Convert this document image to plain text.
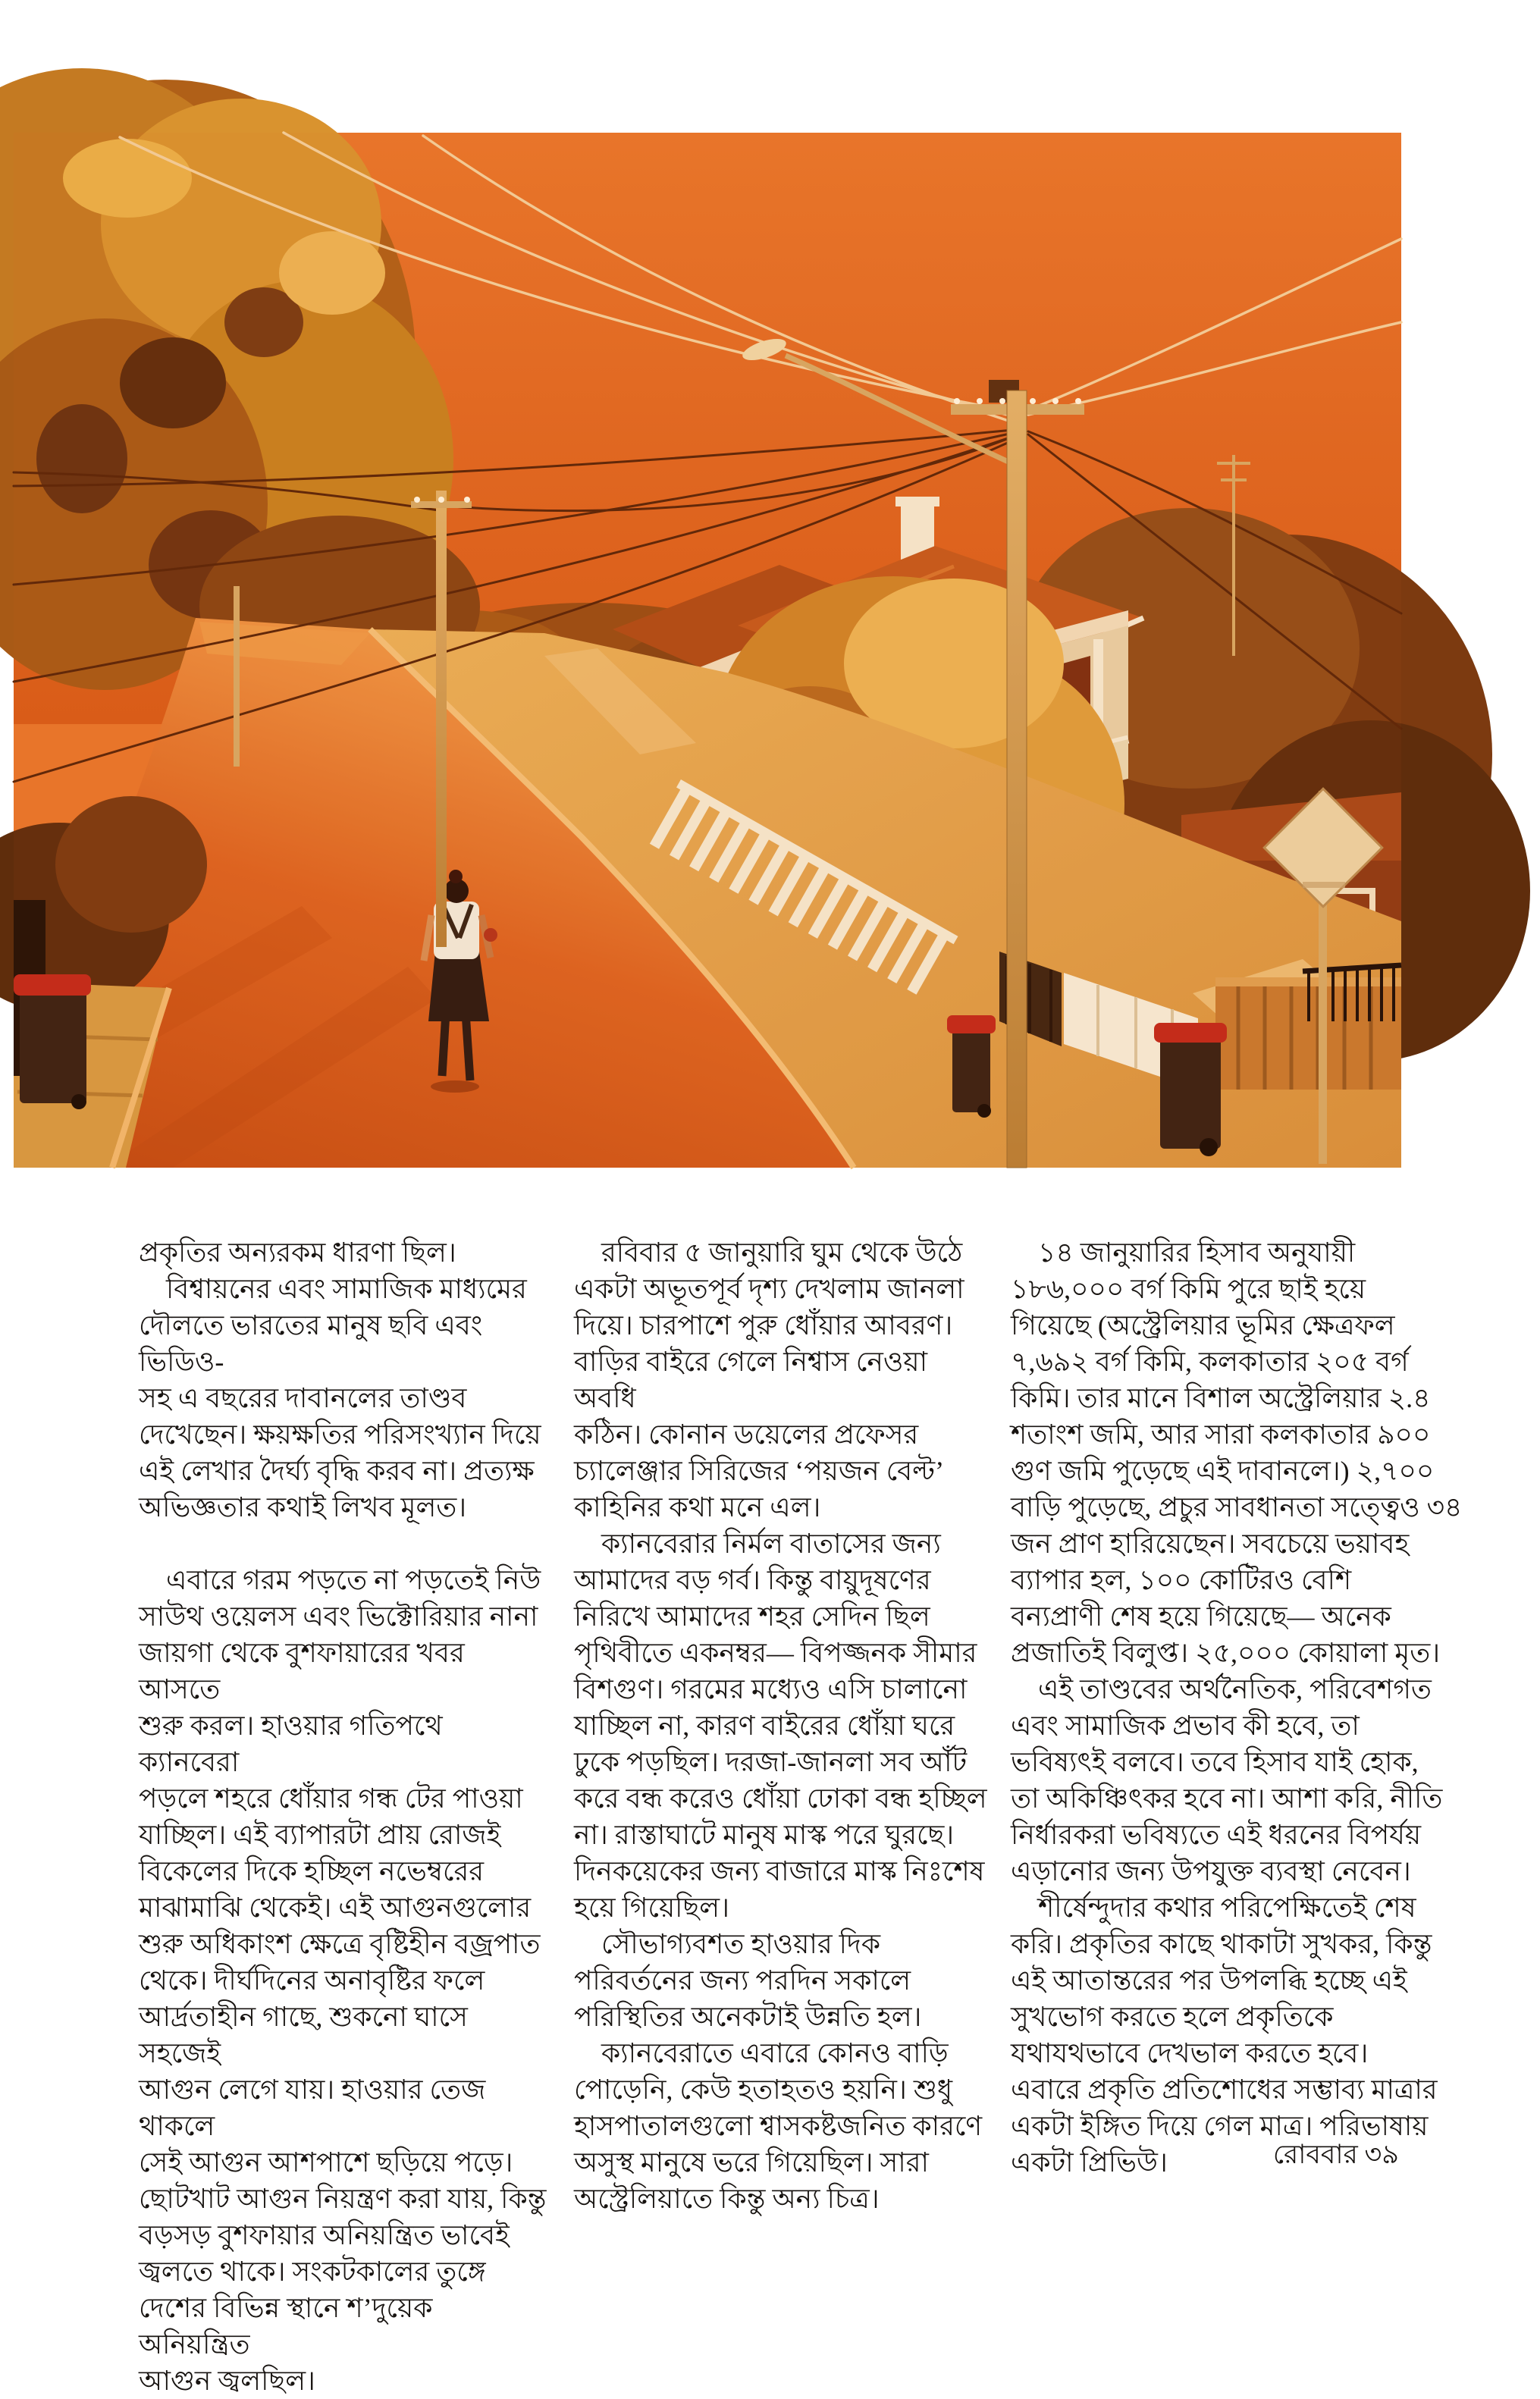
প্রকৃতির অন্যরকম ধারণা ছিল।
 বিশ্বায়নের এবং সামাজিক মাধ্যমের
দৌলতে ভারতের মানুষ ছবি এবং ভিডিও-
সহ এ বছরের দাবানলের তাণ্ডব
দেখেছেন। ক্ষয়ক্ষতির পরিসংখ্যান দিয়ে
এই লেখার দৈর্ঘ্য বৃদ্ধি করব না। প্রত্যক্ষ
অভিজ্ঞতার কথাই লিখব মূলত।
 এবারে গরম পড়তে না পড়তেই নিউ
সাউথ ওয়েলস এবং ভিক্টোরিয়ার নানা
জায়গা থেকে বুশফায়ারের খবর আসতে
শুরু করল। হাওয়ার গতিপথে ক্যানবেরা
পড়লে শহরে ধোঁয়ার গন্ধ টের পাওয়া
যাচ্ছিল। এই ব্যাপারটা প্রায় রোজই
বিকেলের দিকে হচ্ছিল নভেম্বরের
মাঝামাঝি থেকেই। এই আগুনগুলোর
শুরু অধিকাংশ ক্ষেত্রে বৃষ্টিহীন বজ্রপাত
থেকে। দীর্ঘদিনের অনাবৃষ্টির ফলে
আর্দ্রতাহীন গাছে, শুকনো ঘাসে সহজেই
আগুন লেগে যায়। হাওয়ার তেজ থাকলে
সেই আগুন আশপাশে ছড়িয়ে পড়ে।
ছোটখাট আগুন নিয়ন্ত্রণ করা যায়, কিন্তু
বড়সড় বুশফায়ার অনিয়ন্ত্রিত ভাবেই
জ্বলতে থাকে। সংকটকালের তুঙ্গে
দেশের বিভিন্ন স্থানে শ’দুয়েক অনিয়ন্ত্রিত
আগুন জ্বলছিল।
 রবিবার ৫ জানুয়ারি ঘুম থেকে উঠে
একটা অভূতপূর্ব দৃশ্য দেখলাম জানলা
দিয়ে। চারপাশে পুরু ধোঁয়ার আবরণ।
বাড়ির বাইরে গেলে নিশ্বাস নেওয়া অবধি
কঠিন। কোনান ডয়েলের প্রফেসর
চ্যালেঞ্জার সিরিজের ‘পয়জন বেল্ট’
কাহিনির কথা মনে এল।
 ক্যানবেরার নির্মল বাতাসের জন্য
আমাদের বড় গর্ব। কিন্তু বায়ুদূষণের
নিরিখে আমাদের শহর সেদিন ছিল
পৃথিবীতে একনম্বর— বিপজ্জনক সীমার
বিশগুণ। গরমের মধ্যেও এসি চালানো
যাচ্ছিল না, কারণ বাইরের ধোঁয়া ঘরে
ঢুকে পড়ছিল। দরজা-জানলা সব আঁট
করে বন্ধ করেও ধোঁয়া ঢোকা বন্ধ হচ্ছিল
না। রাস্তাঘাটে মানুষ মাস্ক পরে ঘুরছে।
দিনকয়েকের জন্য বাজারে মাস্ক নিঃশেষ
হয়ে গিয়েছিল।
 সৌভাগ্যবশত হাওয়ার দিক
পরিবর্তনের জন্য পরদিন সকালে
পরিস্থিতির অনেকটাই উন্নতি হল।
 ক্যানবেরাতে এবারে কোনও বাড়ি
পোড়েনি, কেউ হতাহতও হয়নি। শুধু
হাসপাতালগুলো শ্বাসকষ্টজনিত কারণে
অসুস্থ মানুষে ভরে গিয়েছিল। সারা
অস্ট্রেলিয়াতে কিন্তু অন্য চিত্র।
 ১৪ জানুয়ারির হিসাব অনুযায়ী
১৮৬,০০০ বর্গ কিমি পুরে ছাই হয়ে
গিয়েছে (অস্ট্রেলিয়ার ভূমির ক্ষেত্রফল
৭,৬৯২ বর্গ কিমি, কলকাতার ২০৫ বর্গ
কিমি। তার মানে বিশাল অস্ট্রেলিয়ার ২.৪
শতাংশ জমি, আর সারা কলকাতার ৯০০
গুণ জমি পুড়েছে এই দাবানলে।) ২,৭০০
বাড়ি পুড়েছে, প্রচুর সাবধানতা সত্ত্বেও ৩৪
জন প্রাণ হারিয়েছেন। সবচেয়ে ভয়াবহ
ব্যাপার হল, ১০০ কোটিরও বেশি
বন্যপ্রাণী শেষ হয়ে গিয়েছে— অনেক
প্রজাতিই বিলুপ্ত। ২৫,০০০ কোয়ালা মৃত।
 এই তাণ্ডবের অর্থনৈতিক, পরিবেশগত
এবং সামাজিক প্রভাব কী হবে, তা
ভবিষ্যৎই বলবে। তবে হিসাব যাই হোক,
তা অকিঞ্চিৎকর হবে না। আশা করি, নীতি
নির্ধারকরা ভবিষ্যতে এই ধরনের বিপর্যয়
এড়ানোর জন্য উপযুক্ত ব্যবস্থা নেবেন।
 শীর্ষেন্দুদার কথার পরিপেক্ষিতেই শেষ
করি। প্রকৃতির কাছে থাকাটা সুখকর, কিন্তু
এই আতান্তরের পর উপলব্ধি হচ্ছে এই
সুখভোগ করতে হলে প্রকৃতিকে
যথাযথভাবে দেখভাল করতে হবে।
এবারে প্রকৃতি প্রতিশোধের সম্ভাব্য মাত্রার
একটা ইঙ্গিত দিয়ে গেল মাত্র। পরিভাষায়
একটা প্রিভিউ।	রোববার ৩৯
